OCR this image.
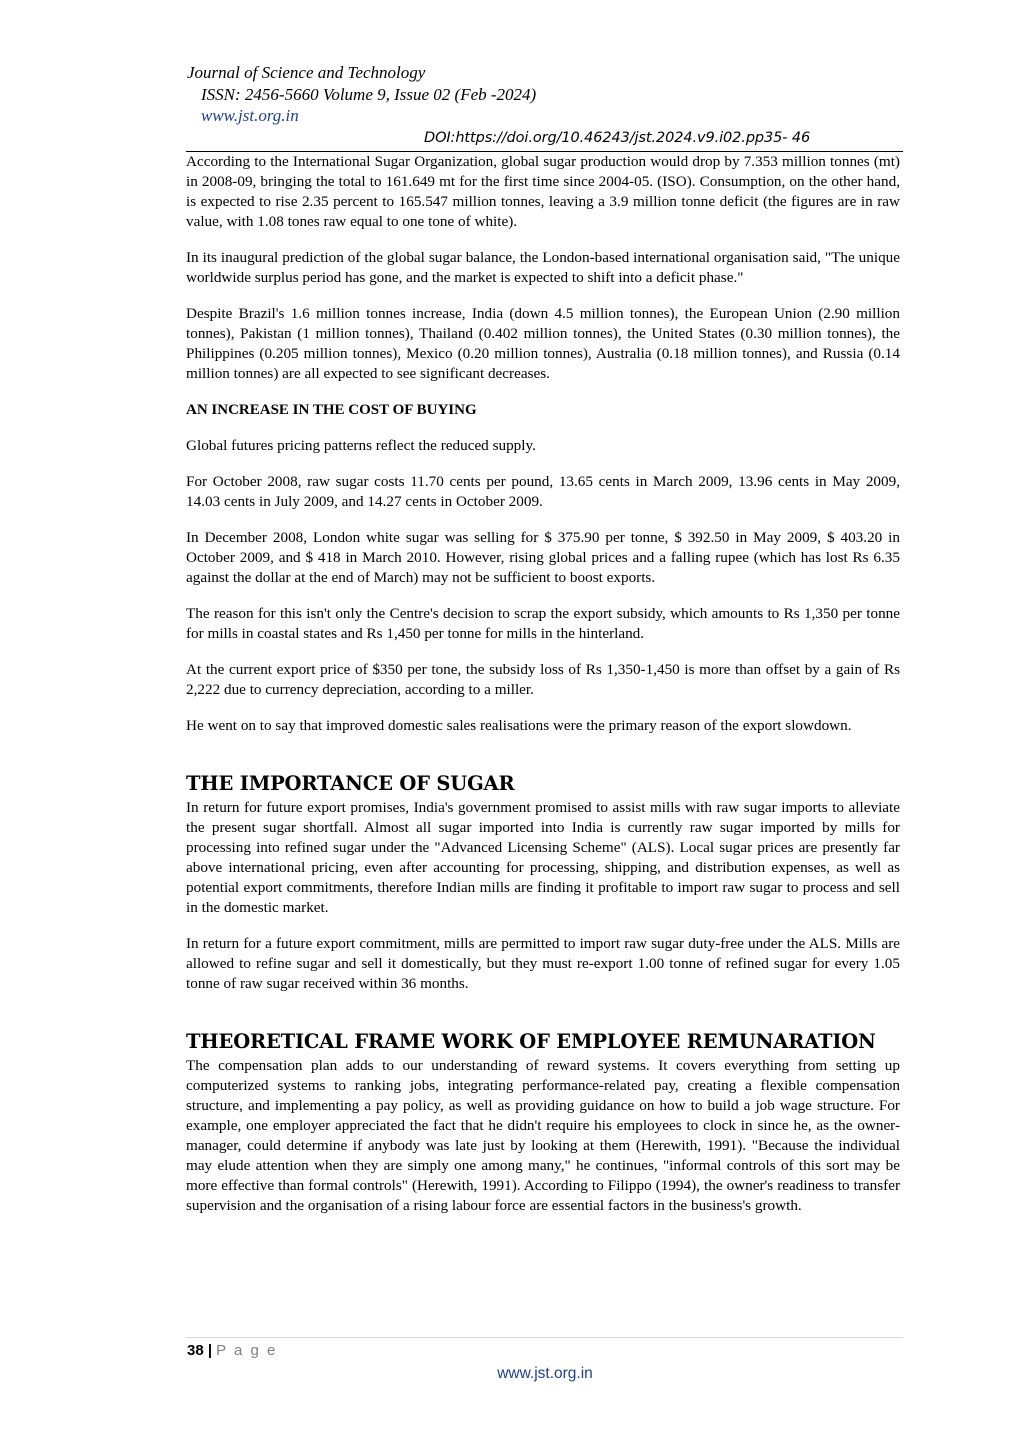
Journal of Science and Technology
ISSN: 2456-5660 Volume 9, Issue 02 (Feb -2024)
www.jst.org.in
DOI:https://doi.org/10.46243/jst.2024.v9.i02.pp35- 46

According to the International Sugar Organization, global sugar production would drop by 7.353 million tonnes (mt) in 2008-09, bringing the total to 161.649 mt for the first time since 2004-05. (ISO). Consumption, on the other hand, is expected to rise 2.35 percent to 165.547 million tonnes, leaving a 3.9 million tonne deficit (the figures are in raw value, with 1.08 tones raw equal to one tone of white).

In its inaugural prediction of the global sugar balance, the London-based international organisation said, "The unique worldwide surplus period has gone, and the market is expected to shift into a deficit phase."

Despite Brazil's 1.6 million tonnes increase, India (down 4.5 million tonnes), the European Union (2.90 million tonnes), Pakistan (1 million tonnes), Thailand (0.402 million tonnes), the United States (0.30 million tonnes), the Philippines (0.205 million tonnes), Mexico (0.20 million tonnes), Australia (0.18 million tonnes), and Russia (0.14 million tonnes) are all expected to see significant decreases.

AN INCREASE IN THE COST OF BUYING

Global futures pricing patterns reflect the reduced supply.

For October 2008, raw sugar costs 11.70 cents per pound, 13.65 cents in March 2009, 13.96 cents in May 2009, 14.03 cents in July 2009, and 14.27 cents in October 2009.

In December 2008, London white sugar was selling for $ 375.90 per tonne, $ 392.50 in May 2009, $ 403.20 in October 2009, and $ 418 in March 2010. However, rising global prices and a falling rupee (which has lost Rs 6.35 against the dollar at the end of March) may not be sufficient to boost exports.

The reason for this isn't only the Centre's decision to scrap the export subsidy, which amounts to Rs 1,350 per tonne for mills in coastal states and Rs 1,450 per tonne for mills in the hinterland.

At the current export price of $350 per tone, the subsidy loss of Rs 1,350-1,450 is more than offset by a gain of Rs 2,222 due to currency depreciation, according to a miller.

He went on to say that improved domestic sales realisations were the primary reason of the export slowdown.

THE IMPORTANCE OF SUGAR

In return for future export promises, India's government promised to assist mills with raw sugar imports to alleviate the present sugar shortfall. Almost all sugar imported into India is currently raw sugar imported by mills for processing into refined sugar under the "Advanced Licensing Scheme" (ALS). Local sugar prices are presently far above international pricing, even after accounting for processing, shipping, and distribution expenses, as well as potential export commitments, therefore Indian mills are finding it profitable to import raw sugar to process and sell in the domestic market.

In return for a future export commitment, mills are permitted to import raw sugar duty-free under the ALS. Mills are allowed to refine sugar and sell it domestically, but they must re-export 1.00 tonne of refined sugar for every 1.05 tonne of raw sugar received within 36 months.

THEORETICAL FRAME WORK OF EMPLOYEE REMUNARATION

The compensation plan adds to our understanding of reward systems. It covers everything from setting up computerized systems to ranking jobs, integrating performance-related pay, creating a flexible compensation structure, and implementing a pay policy, as well as providing guidance on how to build a job wage structure. For example, one employer appreciated the fact that he didn't require his employees to clock in since he, as the owner-manager, could determine if anybody was late just by looking at them (Herewith, 1991). "Because the individual may elude attention when they are simply one among many," he continues, "informal controls of this sort may be more effective than formal controls" (Herewith, 1991). According to Filippo (1994), the owner's readiness to transfer supervision and the organisation of a rising labour force are essential factors in the business's growth.

38 | P a g e
www.jst.org.in
